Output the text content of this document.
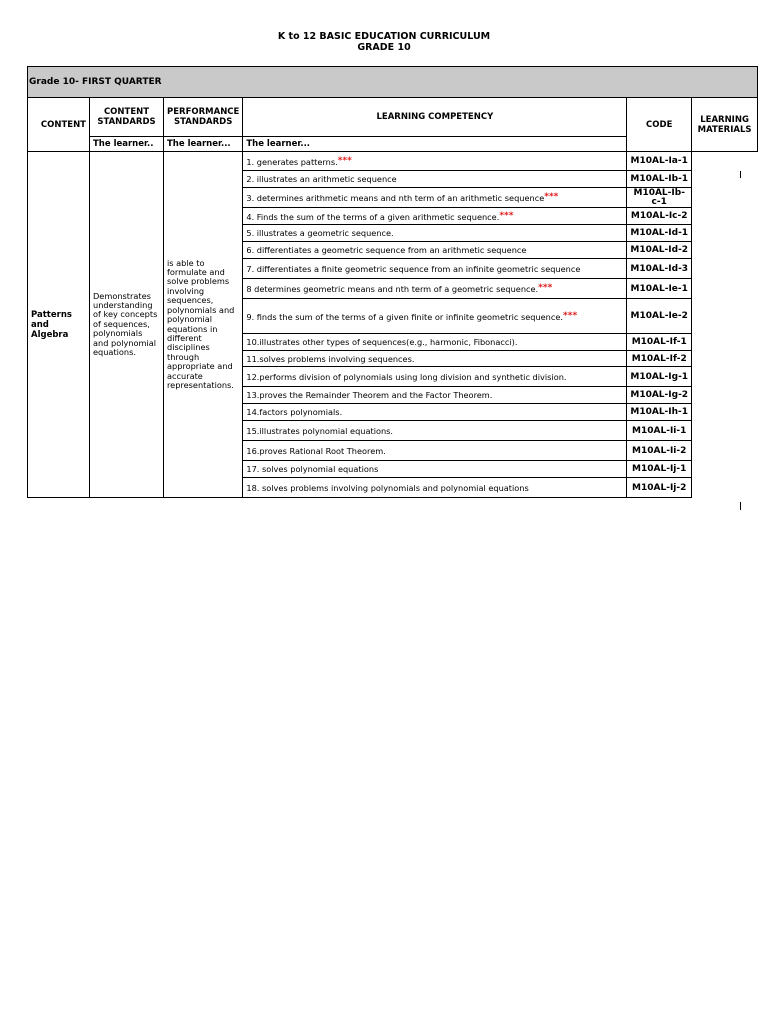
K to 12 BASIC EDUCATION CURRICULUM
GRADE 10
Grade 10- FIRST QUARTER					
CONTENT	CONTENT STANDARDS	PERFORMANCE STANDARDS	LEARNING COMPETENCY	CODE	LEARNING MATERIALS
	The learner..	The learner...	The learner...		
Patterns and Algebra	Demonstrates understanding of key concepts of sequences, polynomials and polynomial equations.	is able to formulate and solve problems involving sequences, polynomials and polynomial equations in different disciplines through appropriate and accurate representations.	1. generates patterns.***	M10AL-Ia-1	
			2. illustrates an arithmetic sequence	M10AL-Ib-1	
			3. determines arithmetic means and nth term of an arithmetic sequence***	M10AL-Ib-c-1	
			4. Finds the sum of the terms of a given arithmetic sequence.***	M10AL-Ic-2	
			5. illustrates a geometric sequence.	M10AL-Id-1	
			6. differentiates a geometric sequence from an arithmetic sequence	M10AL-Id-2	
			7. differentiates a finite geometric sequence from an infinite geometric sequence	M10AL-Id-3	
			8 determines geometric means and nth term of a geometric sequence.***	M10AL-Ie-1	
			9. finds the sum of the terms of a given finite or infinite geometric sequence.***	M10AL-Ie-2	
			10.illustrates other types of sequences(e.g., harmonic, Fibonacci).	M10AL-If-1	
			11.solves problems involving sequences.	M10AL-If-2	
			12.performs division of polynomials using long division and synthetic division.	M10AL-Ig-1	
			13.proves the Remainder Theorem and the Factor Theorem.	M10AL-Ig-2	
			14.factors polynomials.	M10AL-Ih-1	
			15.illustrates polynomial equations.	M10AL-Ii-1	
			16.proves Rational Root Theorem.	M10AL-Ii-2	
			17. solves polynomial equations	M10AL-Ij-1	
			18. solves problems involving polynomials and polynomial equations	M10AL-Ij-2	
